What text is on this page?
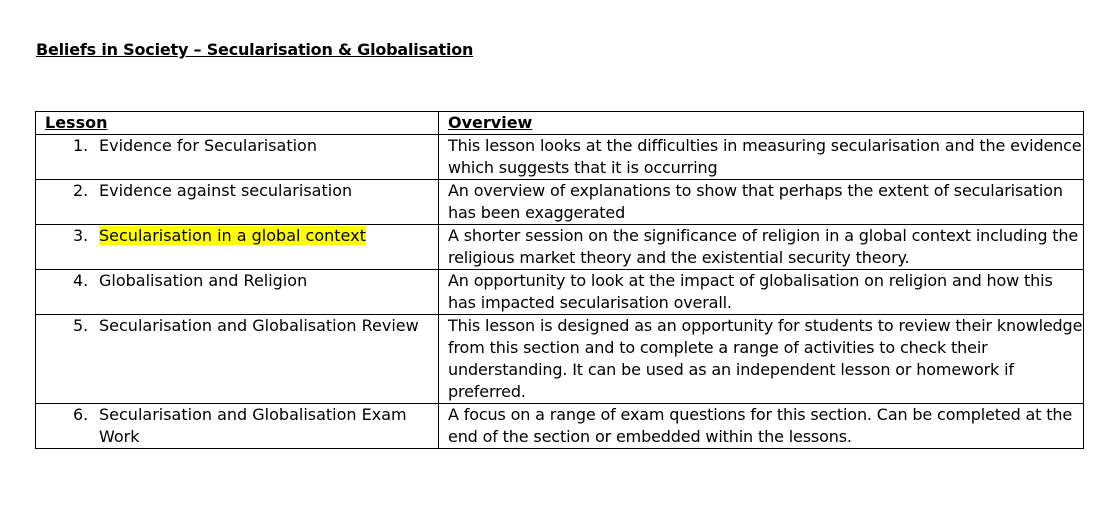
Beliefs in Society – Secularisation & Globalisation
Lesson	Overview

1. Evidence for Secularisation	This lesson looks at the difficulties in measuring secularisation and the evidence which suggests that it is occurring

2. Evidence against secularisation	An overview of explanations to show that perhaps the extent of secularisation has been exaggerated

3. Secularisation in a global context	A shorter session on the significance of religion in a global context including the religious market theory and the existential security theory.

4. Globalisation and Religion	An opportunity to look at the impact of globalisation on religion and how this has impacted secularisation overall.

5. Secularisation and Globalisation Review	This lesson is designed as an opportunity for students to review their knowledge from this section and to complete a range of activities to check their understanding. It can be used as an independent lesson or homework if preferred.

6. Secularisation and Globalisation Exam Work	A focus on a range of exam questions for this section. Can be completed at the end of the section or embedded within the lessons.
